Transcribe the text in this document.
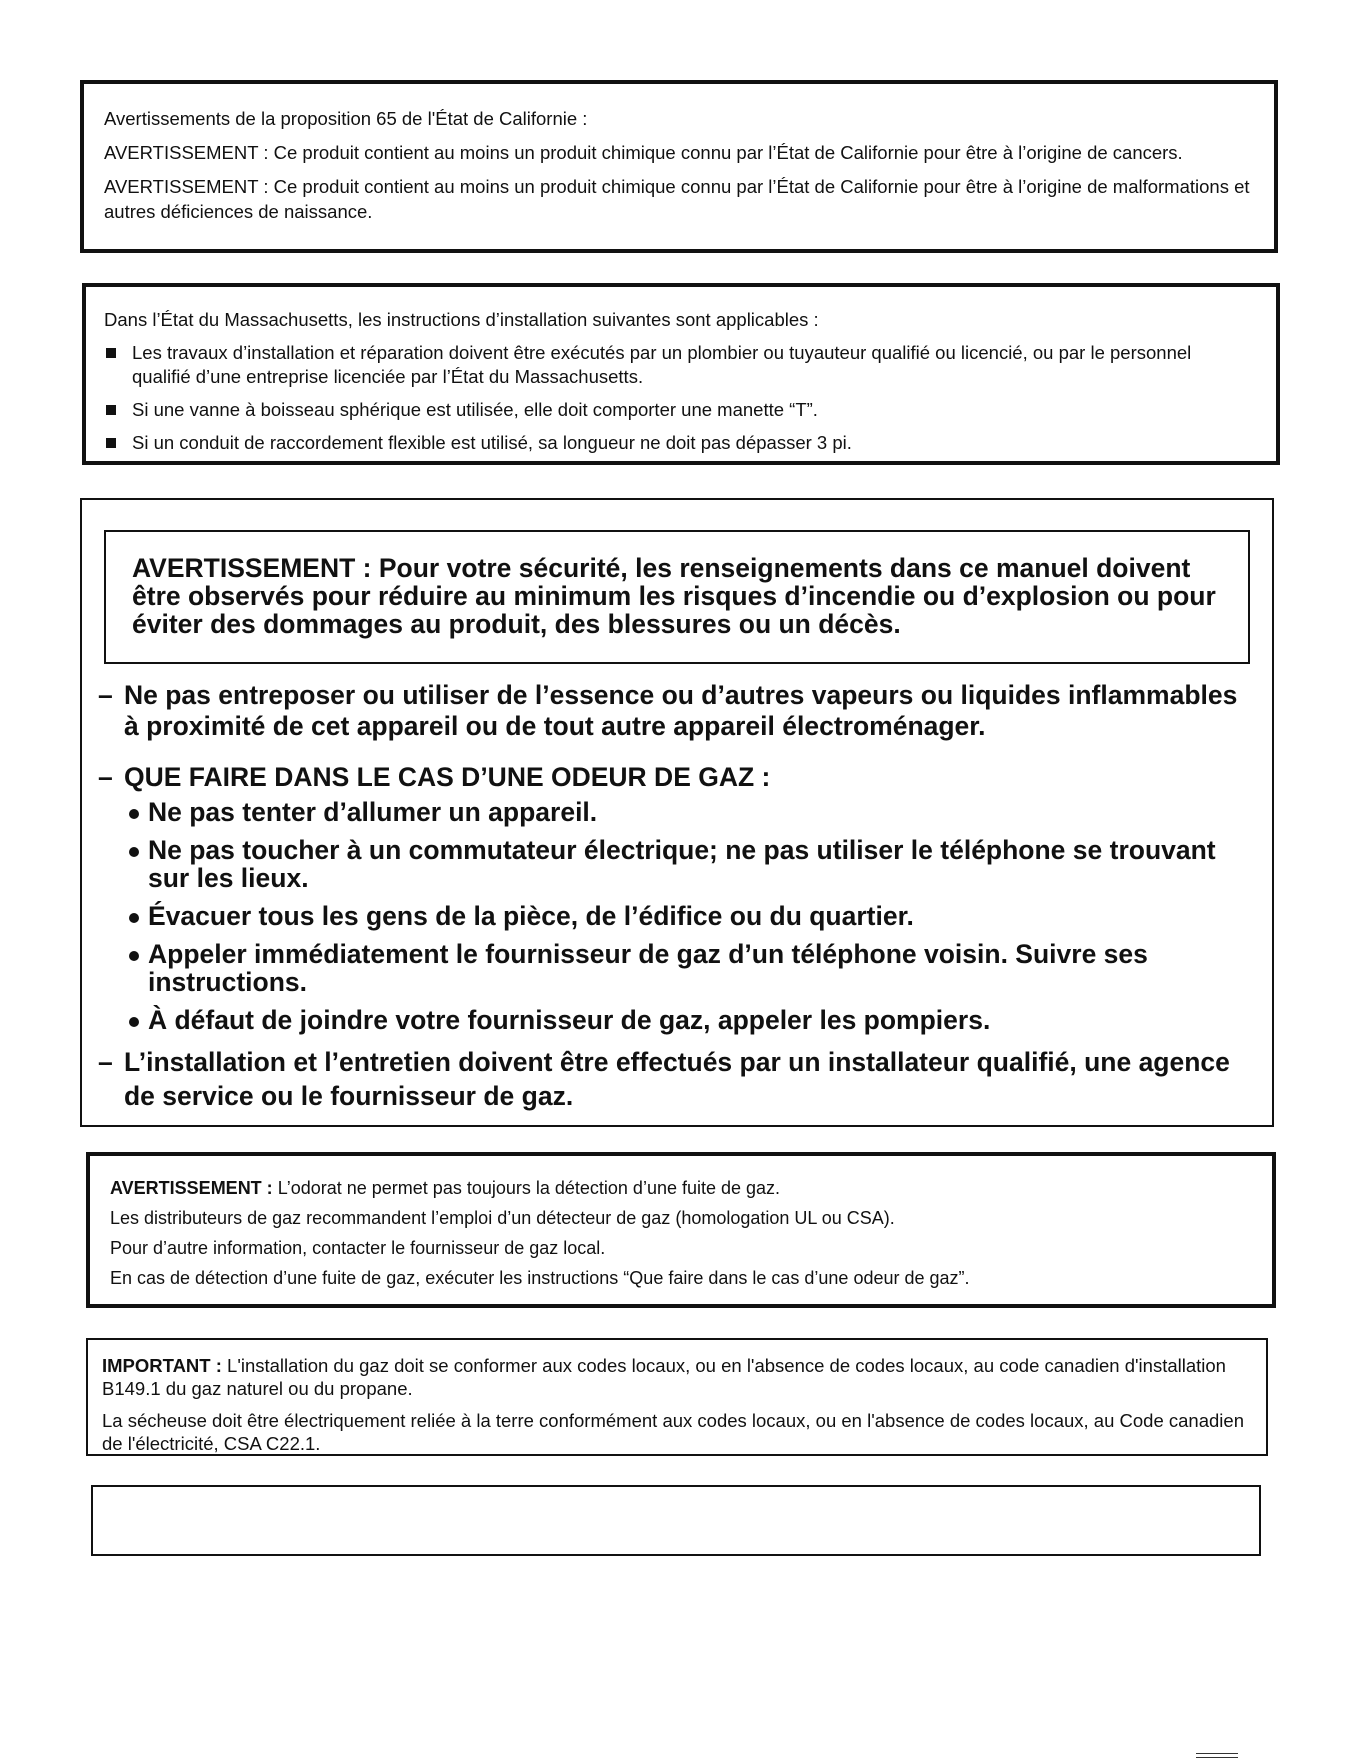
Avertissements de la proposition 65 de l'État de Californie :

AVERTISSEMENT : Ce produit contient au moins un produit chimique connu par l’État de Californie pour être à l’origine de cancers.

AVERTISSEMENT : Ce produit contient au moins un produit chimique connu par l’État de Californie pour être à l’origine de malformations et autres déficiences de naissance.

Dans l’État du Massachusetts, les instructions d’installation suivantes sont applicables :

Les travaux d’installation et réparation doivent être exécutés par un plombier ou tuyauteur qualifié ou licencié, ou par le personnel qualifié d’une entreprise licenciée par l’État du Massachusetts.
Si une vanne à boisseau sphérique est utilisée, elle doit comporter une manette “T”.
Si un conduit de raccordement flexible est utilisé, sa longueur ne doit pas dépasser 3 pi.

AVERTISSEMENT : Pour votre sécurité, les renseignements dans ce manuel doivent être observés pour réduire au minimum les risques d’incendie ou d’explosion ou pour éviter des dommages au produit, des blessures ou un décès.

– Ne pas entreposer ou utiliser de l’essence ou d’autres vapeurs ou liquides inflammables à proximité de cet appareil ou de tout autre appareil électroménager.
– QUE FAIRE DANS LE CAS D’UNE ODEUR DE GAZ :
Ne pas tenter d’allumer un appareil.
Ne pas toucher à un commutateur électrique; ne pas utiliser le téléphone se trouvant sur les lieux.
Évacuer tous les gens de la pièce, de l’édifice ou du quartier.
Appeler immédiatement le fournisseur de gaz d’un téléphone voisin. Suivre ses instructions.
À défaut de joindre votre fournisseur de gaz, appeler les pompiers.
– L’installation et l’entretien doivent être effectués par un installateur qualifié, une agence de service ou le fournisseur de gaz.

AVERTISSEMENT : L’odorat ne permet pas toujours la détection d’une fuite de gaz.

Les distributeurs de gaz recommandent l’emploi d’un détecteur de gaz (homologation UL ou CSA).

Pour d’autre information, contacter le fournisseur de gaz local.

En cas de détection d’une fuite de gaz, exécuter les instructions “Que faire dans le cas d’une odeur de gaz”.

IMPORTANT : L'installation du gaz doit se conformer aux codes locaux, ou en l'absence de codes locaux, au code canadien d'installation B149.1 du gaz naturel ou du propane.

La sécheuse doit être électriquement reliée à la terre conformément aux codes locaux, ou en l'absence de codes locaux, au Code canadien de l'électricité, CSA C22.1.
